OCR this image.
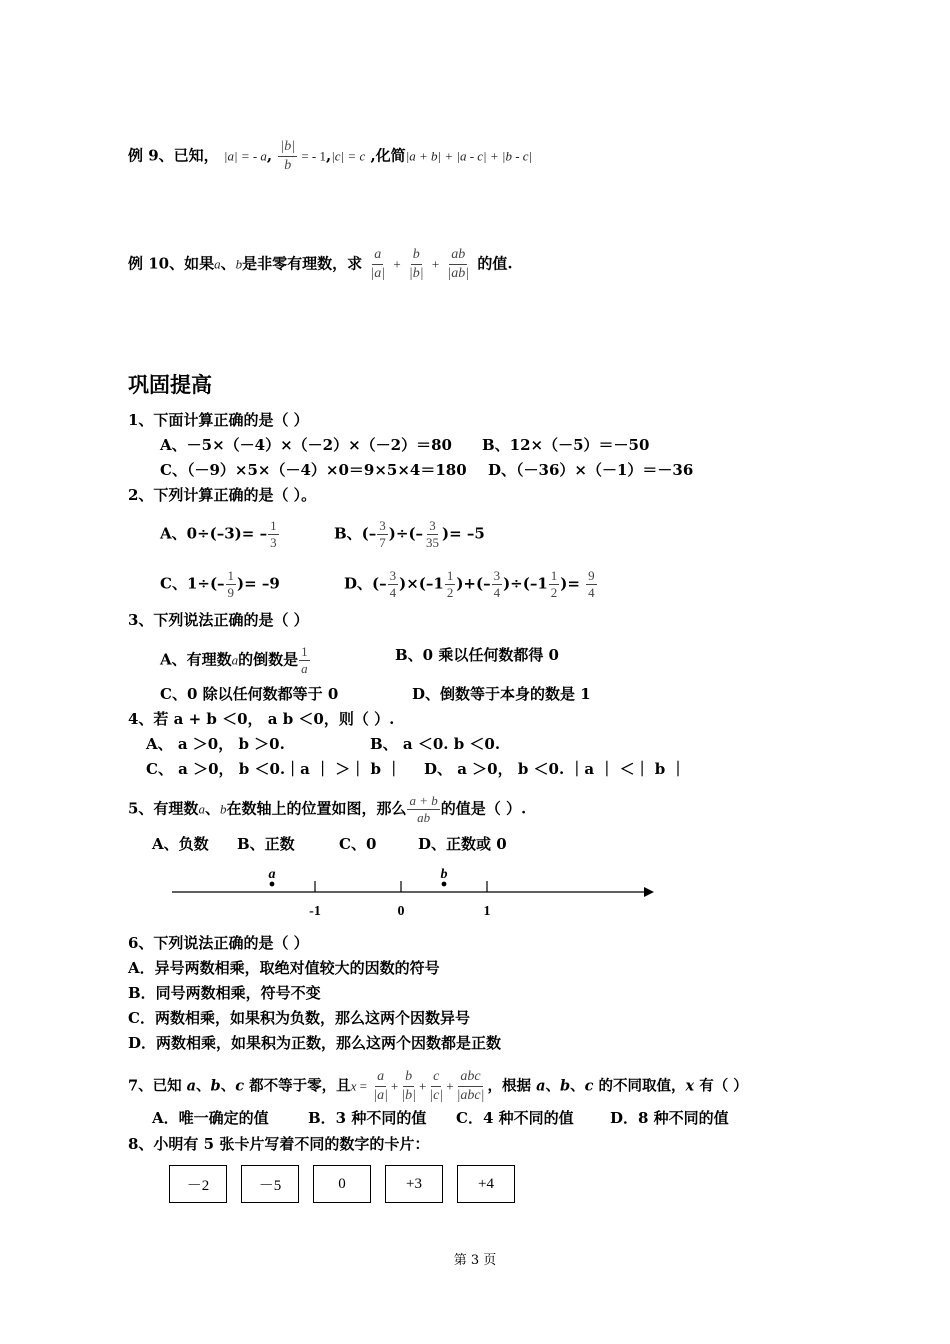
例 9、已知， |a| = - a, $\frac{|b|}{b}$ = - 1,|c| = c ,化简|a + b| + |a - c| + |b - c|
例 10、如果a、b是非零有理数，求 $\frac{a}{|a|} + \frac{b}{|b|} + \frac{ab}{|ab|}$ 的值.
巩固提高
1、下面计算正确的是（ ）
A、－5×（－4）×（－2）×（－2）＝80 B、12×（－5）＝－50
C、（－9）×5×（－4）×0＝9×5×4＝180 D、（－36）×（－1）＝－36
2、下列计算正确的是（ ）。
A、$0\div(-3)= - \frac{1}{3}$	B、(– $\frac{3}{7}$ )÷(– $\frac{3}{35}$ )= –5
C、$1\div(- \frac{1}{9}$ )= –9	D、(– $\frac{3}{4} )\times(-1 \frac{1}{2}$ )+(– $\frac{3}{4} )\div(-1 \frac{1}{2}$ )= $\frac{9}{4}$
3、下列说法正确的是（ ）
A、有理数a的倒数是 $\frac{1}{a}$	B、0 乘以任何数都得 0
C、0 除以任何数都等于 0	D、倒数等于本身的数是 1
4、若 a + b ＜0， a b ＜0，则（ ）.
A、 a ＞0， b ＞0.	B、 a ＜0. b ＜0.
C、 a ＞0， b ＜0.｜a ｜ ＞｜ b ｜ D、 a ＞0， b ＜0. ｜a ｜ ＜｜ b ｜
5、有理数a、b在数轴上的位置如图，那么 $\frac{a + b}{ab}$ 的值是（ ）.
A、负数 B、正数	C、0	D、正数或 0
-1	0	1
a	b
6、下列说法正确的是（ ）
A．异号两数相乘，取绝对值较大的因数的符号
B．同号两数相乘，符号不变
C．两数相乘，如果积为负数，那么这两个因数异号
D．两数相乘，如果积为正数，那么这两个因数都是正数
7、已知 a、b、c 都不等于零，且$x = \frac{a}{|a|} + \frac{b}{|b|} + \frac{c}{|c|} + \frac{\text{abc}}{\text{|abc|}}$ ，根据 a、b、c 的不同取值，x 有（ ）
A．唯一确定的值	B．3 种不同的值 C．4 种不同的值 D．8 种不同的值
8、小明有 5 张卡片写着不同的数字的卡片：
－2	－5	0	+3	+4
第 3 页
